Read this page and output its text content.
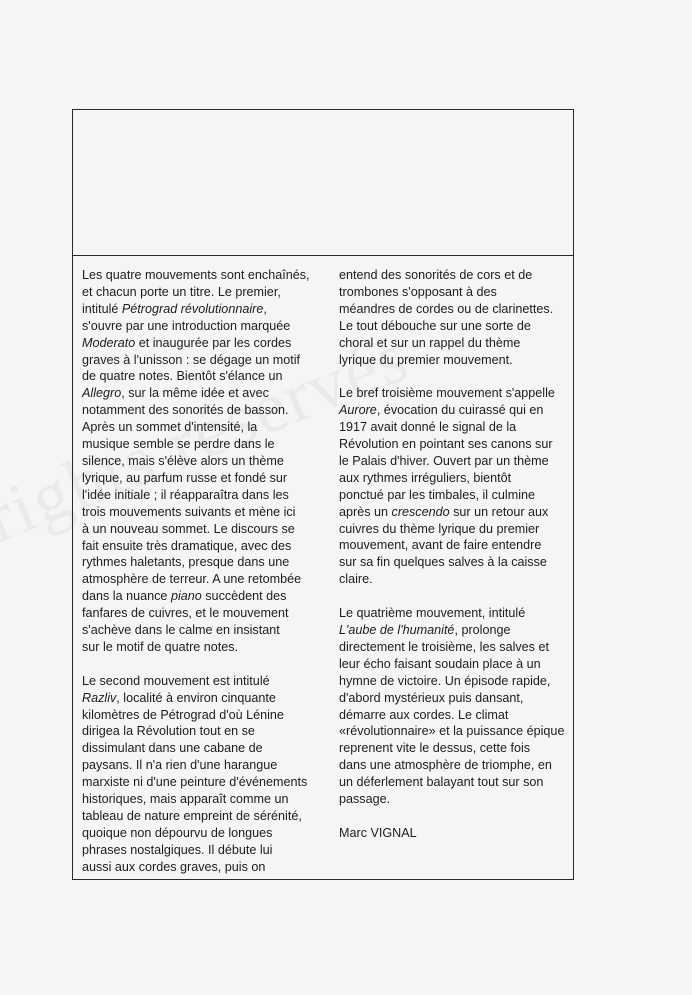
Les quatre mouvements sont enchaînés,
et chacun porte un titre. Le premier,
intitulé Pétrograd révolutionnaire,
s'ouvre par une introduction marquée
Moderato et inaugurée par les cordes
graves à l'unisson : se dégage un motif
de quatre notes. Bientôt s'élance un
Allegro, sur la même idée et avec
notamment des sonorités de basson.
Après un sommet d'intensité, la
musique semble se perdre dans le
silence, mais s'élève alors un thème
lyrique, au parfum russe et fondé sur
l'idée initiale ; il réapparaîtra dans les
trois mouvements suivants et mène ici
à un nouveau sommet. Le discours se
fait ensuite très dramatique, avec des
rythmes haletants, presque dans une
atmosphère de terreur. A une retombée
dans la nuance piano succèdent des
fanfares de cuivres, et le mouvement
s'achève dans le calme en insistant
sur le motif de quatre notes.

Le second mouvement est intitulé
Razliv, localité à environ cinquante
kilomètres de Pétrograd d'où Lénine
dirigea la Révolution tout en se
dissimulant dans une cabane de
paysans. Il n'a rien d'une harangue
marxiste ni d'une peinture d'événements
historiques, mais apparaît comme un
tableau de nature empreint de sérénité,
quoique non dépourvu de longues
phrases nostalgiques. Il débute lui
aussi aux cordes graves, puis on

entend des sonorités de cors et de
trombones s'opposant à des
méandres de cordes ou de clarinettes.
Le tout débouche sur une sorte de
choral et sur un rappel du thème
lyrique du premier mouvement.

Le bref troisième mouvement s'appelle
Aurore, évocation du cuirassé qui en
1917 avait donné le signal de la
Révolution en pointant ses canons sur
le Palais d'hiver. Ouvert par un thème
aux rythmes irréguliers, bientôt
ponctué par les timbales, il culmine
après un crescendo sur un retour aux
cuivres du thème lyrique du premier
mouvement, avant de faire entendre
sur sa fin quelques salves à la caisse
claire.

Le quatrième mouvement, intitulé
L'aube de l'humanité, prolonge
directement le troisième, les salves et
leur écho faisant soudain place à un
hymne de victoire. Un épisode rapide,
d'abord mystérieux puis dansant,
démarre aux cordes. Le climat
«révolutionnaire» et la puissance épique
reprenent vite le dessus, cette fois
dans une atmosphère de triomphe, en
un déferlement balayant tout sur son
passage.

Marc VIGNAL
